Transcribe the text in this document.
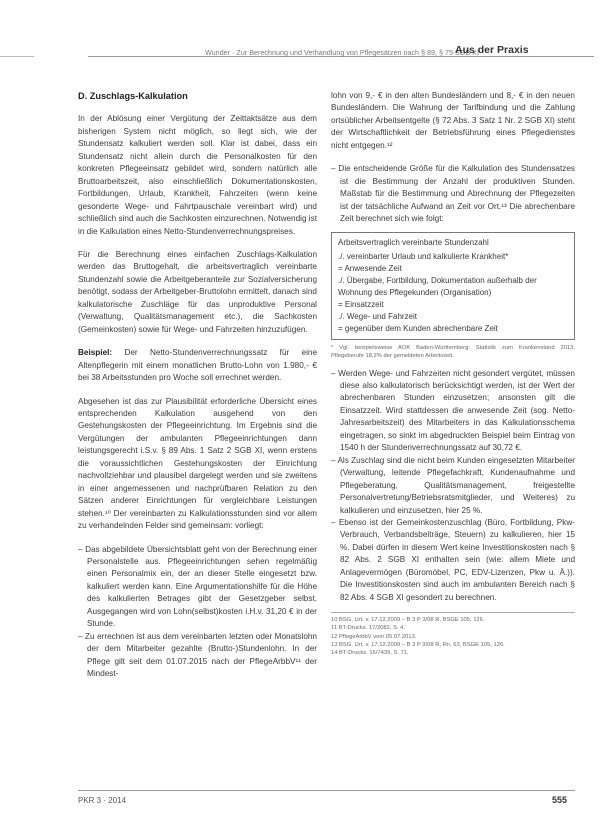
Wunder · Zur Berechnung und Verhandlung von Pflegesätzen nach § 89, § 75 SGB XI
Aus der Praxis
D. Zuschlags-Kalkulation

In der Ablösung einer Vergütung der Zeittaktsätze aus dem bisherigen System nicht möglich, so liegt sich, wie der Stundensatz kalkuliert werden soll. Klar ist dabei, dass ein Stundensatz nicht allein durch die Personalkosten für den konkreten Pflegeeinsatz gebildet wird, sondern natürlich alle Bruttoarbeitszeit, also einschließlich Dokumentationskosten, Fortbildungen, Urlaub, Krankheit, Fahrzeiten (wenn keine gesonderte Wege- und Fahrtpauschale vereinbart wird) und schließlich sind auch die Sachkosten einzurechnen. Notwendig ist in die Kalkulation eines Netto-Stundenverrechnungspreises.

Für die Berechnung eines einfachen Zuschlags-Kalkulation werden das Bruttogehalt, die arbeitsvertraglich vereinbarte Stundenzahl sowie die Arbeitgeberanteile zur Sozialversicherung benötigt, sodass der Arbeitgeber-Bruttolohn ermittelt, danach sind kalkulatorische Zuschläge für das unproduktive Personal (Verwaltung, Qualitätsmanagement etc.), die Sachkosten (Gemeinkosten) sowie für Wege- und Fahrzeiten hinzuzufügen.

Beispiel: Der Netto-Stundenverrechnungssatz für eine Altenpflegerin mit einem monatlichen Brutto-Lohn von 1.980,- € bei 38 Arbeitsstunden pro Woche soll errechnet werden.

Abgesehen ist das zur Plausibilität erforderliche Übersicht eines entsprechenden Kalkulation ausgehend von den Gestehungskosten der Pflegeeinrichtung. Im Ergebnis sind die Vergütungen der ambulanten Pflegeeinrichtungen dann leistungsgerecht i.S.v. § 89 Abs. 1 Satz 2 SGB XI, wenn erstens die voraussichtlichen Gestehungskosten der Einrichtung nachvollziehbar und plausibel dargelegt werden und sie zweitens in einer angemessenen und nachprüfbaren Relation zu den Sätzen anderer Einrichtungen für vergleichbare Leistungen stehen.¹⁰ Der vereinbarten zu Kalkulationsstunden sind vor allem zu verhandelnden Felder sind gemeinsam: vorliegt:

– Das abgebildete Übersichtsblatt geht von der Berechnung einer Personalstelle aus. Pflegeeinrichtungen sehen regelmäßig einen Personalmix ein, der an dieser Stelle eingesetzt bzw. kalkuliert werden kann. Eine Argumentationshilfe für die Höhe des kalkulierten Betrages gibt der Gesetzgeber selbst. Ausgegangen wird von Lohn(selbst)kosten i.H.v. 31,20 € in der Stunde.
– Zu errechnen ist aus dem vereinbarten letzten oder Monatslohn der dem Mitarbeiter gezahlte (Brutto-)Stundenlohn. In der Pflege gilt seit dem 01.07.2015 nach der PflegeArbbV¹¹ der Mindest-

lohn von 9,- € in den alten Bundesländern und 8,- € in den neuen Bundesländern. Die Wahrung der Tarifbindung und die Zahlung ortsüblicher Arbeitsentgelte (§ 72 Abs. 3 Satz 1 Nr. 2 SGB XI) steht der Wirtschaftlichkeit der Betriebsführung eines Pflegedienstes nicht entgegen.¹²

– Die entscheidende Größe für die Kalkulation des Stundensatzes ist die Bestimmung der Anzahl der produktiven Stunden. Maßstab für die Bestimmung und Abrechnung der Pflegezeiten ist der tatsächliche Aufwand an Zeit vor Ort.¹³ Die abrechenbare Zeit berechnet sich wie folgt:
Arbeitsvertraglich vereinbarte Stundenzahl
./. vereinbarter Urlaub und kalkulierte Krankheit*
= Anwesende Zeit
./. Übergabe, Fortbildung, Dokumentation außerhalb der Wohnung des Pflegekunden (Organisation)
= Einsatzzeit
./. Wege- und Fahrzeit
= gegenüber dem Kunden abrechenbare Zeit
* Vgl. beispielsweise AOK Baden-Württemberg: Statistik zum Krankenstand 2013, Pflegeberufe 18,2% der gemeldeten Arbeitszeit.
– Werden Wege- und Fahrzeiten nicht gesondert vergütet, müssen diese also kalkulatorisch berücksichtigt werden, ist der Wert der abrechenbaren Stunden einzusetzen; ansonsten gilt die Einsatzzeit. Wird stattdessen die anwesende Zeit (sog. Netto-Jahresarbeitszeit) des Mitarbeiters in das Kalkulationsschema eingetragen, so sinkt im abgedruckten Beispiel beim Eintrag von 1540 h der Stundenverrechnungssatz auf 30,72 €.
– Als Zuschlag sind die nicht beim Kunden eingesetzten Mitarbeiter (Verwaltung, leitende Pflegefachkraft, Kundenaufnahme und Pflegeberatung, Qualitätsmanagement, freigestellte Personalvertretung/Betriebsratsmitglieder, und Weiteres) zu kalkulieren und einzusetzen, hier 25 %.
– Ebenso ist der Gemeinkostenzuschlag (Büro, Fortbildung, Pkw-Verbrauch, Verbandsbeiträge, Steuern) zu kalkulieren, hier 15 %. Dabei dürfen in diesem Wert keine Investitionskosten nach § 82 Abs. 2 SGB XI enthalten sein (wie: allem Miete und Anlagevermögen (Büromöbel, PC, EDV-Lizenzen, Pkw u. Ä.)). Die Investitionskosten sind auch im ambulanten Bereich nach § 82 Abs. 4 SGB XI gesondert zu berechnen.
10 BSG, Urt. v. 17.12.2009 – B 3 P 3/08 R, BSGE 105, 126.
11 BT-Drucks. 17/2082, S. 4.
12 PflegeArbbV vom 05.07.2013.
13 BSG, Urt. v. 17.12.2009 – B 3 P 3/08 R, Rn. 63, BSGE 105, 126.
14 BT-Drucks. 16/7439, S. 71.
PKR 3 · 2014	555
